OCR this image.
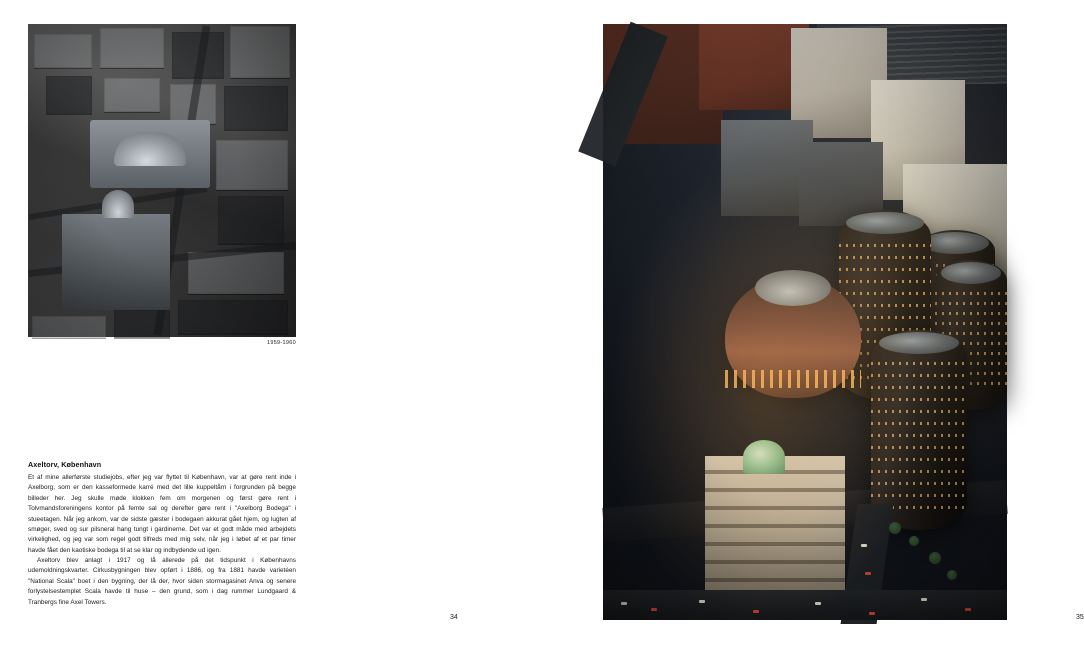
1959-1960
Axeltorv, København

Et af mine allerførste studiejobs, efter jeg var flyttet til København, var at gøre rent inde i Axelborg, som er den kasseformede karré med det lille kuppeltårn i forgrunden på begge billeder her. Jeg skulle møde klokken fem om morgenen og først gøre rent i Tolvmandsforeningens kontor på femte sal og derefter gøre rent i "Axelborg Bodega" i stueetagen. Når jeg ankom, var de sidste gæster i bodegaen akkurat gået hjem, og lugten af smøger, sved og sur pilsneral hang tungt i gardinerne. Det var et godt måde med arbejdets virkelighed, og jeg var som regel godt tilfreds med mig selv, når jeg i løbet af et par timer havde fået den kaotiske bodega til at se klar og indbydende ud igen.

Axeltorv blev anlagt i 1917 og lå allerede på det tidspunkt i Københavns udemoldningskvarter. Cirkusbygningen blev opført i 1886, og fra 1881 havde varietéen "National Scala" boet i den bygning, der lå der, hvor siden stormagasinet Anva og senere forlystelsestemplet Scala havde til huse – den grund, som i dag rummer Lundgaard & Tranbergs fine Axel Towers.

34	35
